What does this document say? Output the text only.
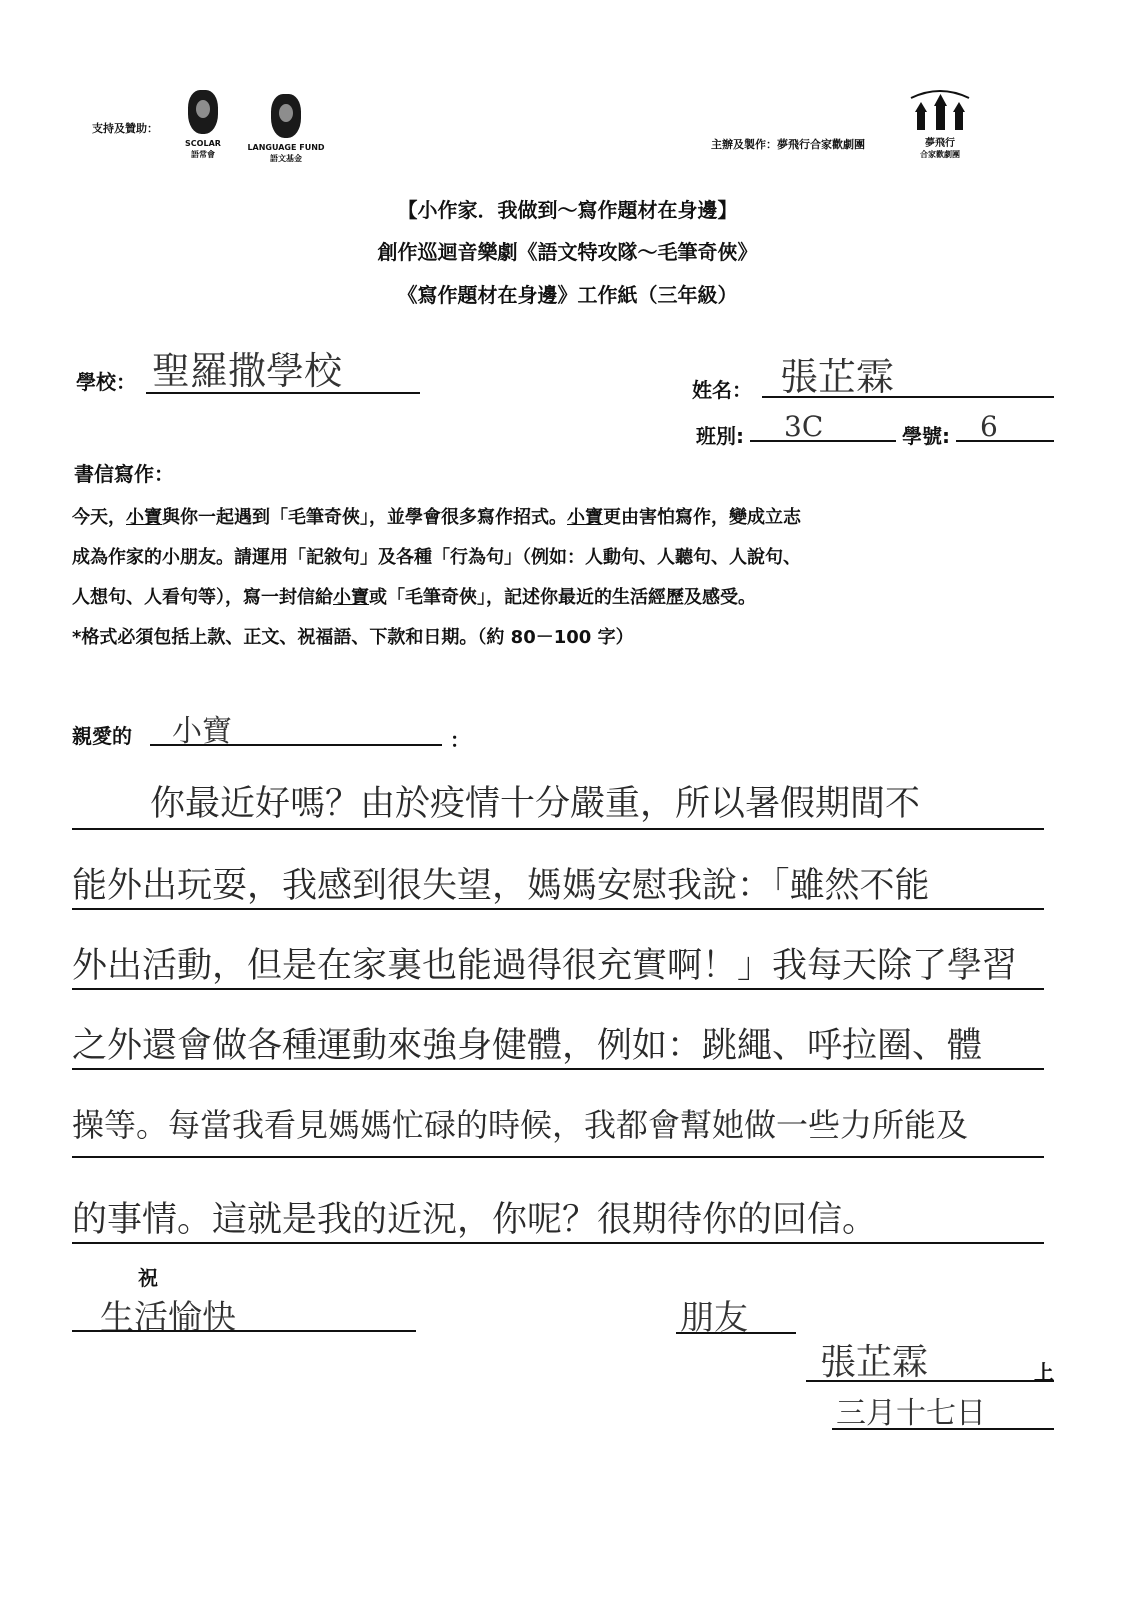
支持及贊助：
SCOLAR
語常會
LANGUAGE FUND
語文基金
主辦及製作：夢飛行合家歡劇團	夢飛行
合家歡劇團
【小作家．我做到～寫作題材在身邊】
創作巡迴音樂劇《語文特攻隊～毛筆奇俠》
《寫作題材在身邊》工作紙（三年級）
學校： 聖羅撒學校	姓名： 張芷霖
班別: 3C	學號: 6
書信寫作：

今天，小寶與你一起遇到「毛筆奇俠」，並學會很多寫作招式。小寶更由害怕寫作，變成立志

成為作家的小朋友。請運用「記敘句」及各種「行為句」（例如：人動句、人聽句、人說句、

人想句、人看句等），寫一封信給小寶或「毛筆奇俠」，記述你最近的生活經歷及感受。

*格式必須包括上款、正文、祝福語、下款和日期。（約 80－100 字）

親愛的 小寶	：
你最近好嗎？由於疫情十分嚴重，所以暑假期間不
能外出玩耍，我感到很失望，媽媽安慰我說：「雖然不能
外出活動，但是在家裏也能過得很充實啊！」我每天除了學習
之外還會做各種運動來強身健體，例如：跳繩、呼拉圈、體
操等。每當我看見媽媽忙碌的時候，我都會幫她做一些力所能及
的事情。這就是我的近況，你呢？很期待你的回信。
祝
生活愉快	朋友
張芷霖	上
三月十七日
